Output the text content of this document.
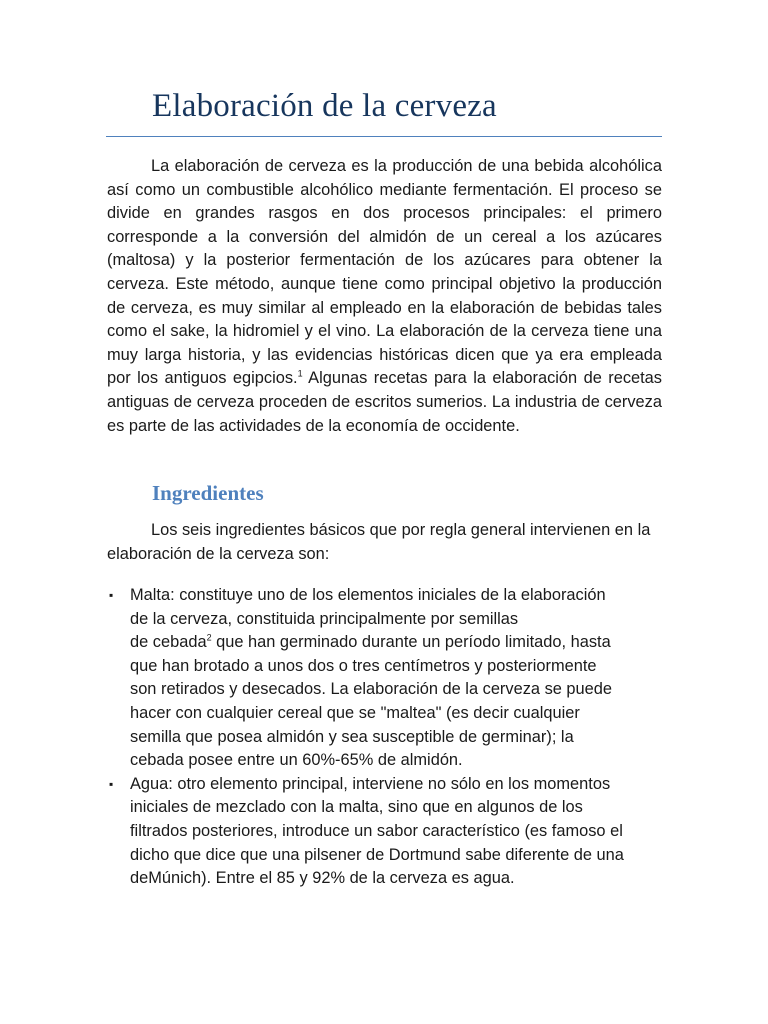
Elaboración de la cerveza

La elaboración de cerveza es la producción de una bebida alcohólica así como un combustible alcohólico mediante fermentación. El proceso se divide en grandes rasgos en dos procesos principales: el primero corresponde a la conversión del almidón de un cereal a los azúcares (maltosa) y la posterior fermentación de los azúcares para obtener la cerveza. Este método, aunque tiene como principal objetivo la producción de cerveza, es muy similar al empleado en la elaboración de bebidas tales como el sake, la hidromiel y el vino. La elaboración de la cerveza tiene una muy larga historia, y las evidencias históricas dicen que ya era empleada por los antiguos egipcios.$^1$ Algunas recetas para la elaboración de recetas antiguas de cerveza proceden de escritos sumerios. La industria de cerveza es parte de las actividades de la economía de occidente.

Ingredientes

Los seis ingredientes básicos que por regla general intervienen en la elaboración de la cerveza son:

▪ Malta: constituye uno de los elementos iniciales de la elaboración
de la cerveza, constituida principalmente por semillas
de cebada$^2$ que han germinado durante un período limitado, hasta
que han brotado a unos dos o tres centímetros y posteriormente
son retirados y desecados. La elaboración de la cerveza se puede
hacer con cualquier cereal que se "maltea" (es decir cualquier
semilla que posea almidón y sea susceptible de germinar); la
cebada posee entre un 60%-65% de almidón.
▪ Agua: otro elemento principal, interviene no sólo en los momentos
iniciales de mezclado con la malta, sino que en algunos de los
filtrados posteriores, introduce un sabor característico (es famoso el
dicho que dice que una pilsener de Dortmund sabe diferente de una
deMúnich). Entre el 85 y 92% de la cerveza es agua.
